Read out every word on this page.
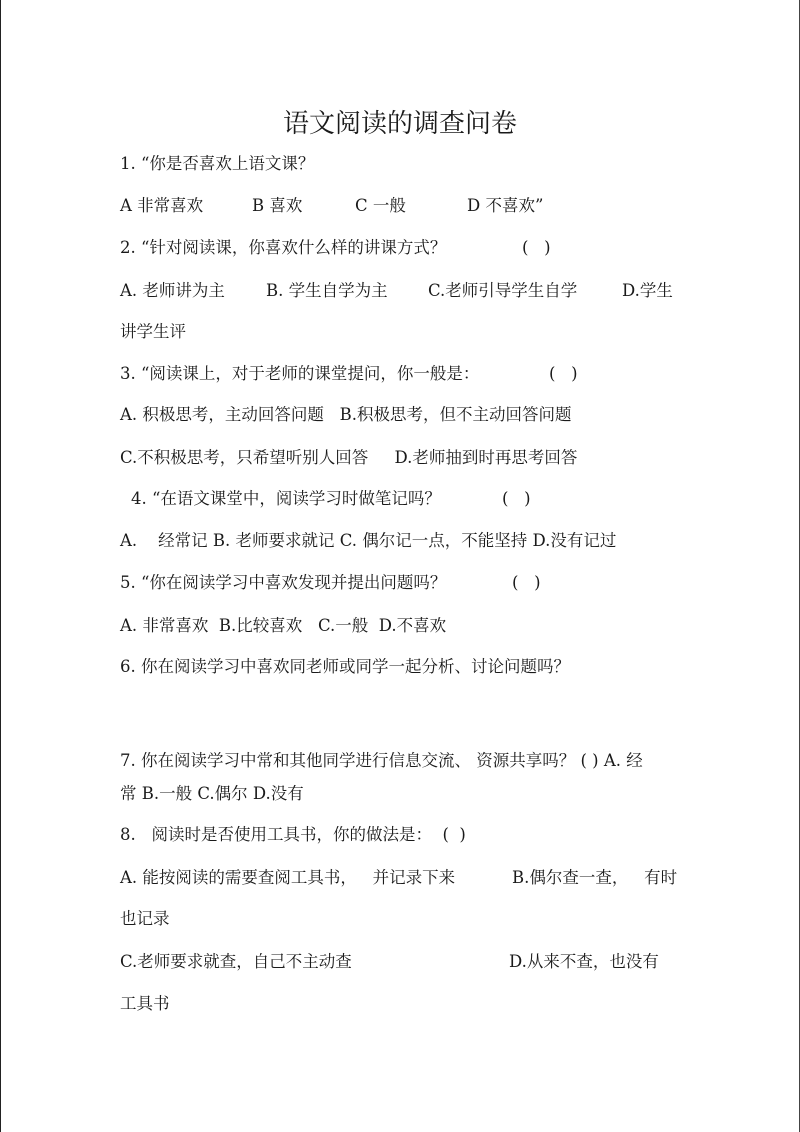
语文阅读的调查问卷
1. “你是否喜欢上语文课？
A 非常喜欢	B 喜欢	C 一般	D 不喜欢”
2. “针对阅读课，你喜欢什么样的讲课方式？	(   )
A. 老师讲为主 B. 学生自学为主 C.老师引导学生自学	D.学生
讲学生评
3. “阅读课上，对于老师的课堂提问，你一般是：	(   )
A. 积极思考，主动回答问题   B.积极思考，但不主动回答问题
C.不积极思考，只希望听别人回答     D.老师抽到时再思考回答
4. “在语文课堂中，阅读学习时做笔记吗？	(   )
A.    经常记 B. 老师要求就记 C. 偶尔记一点，不能坚持 D.没有记过
5. “你在阅读学习中喜欢发现并提出问题吗？	(   )
A. 非常喜欢  B.比较喜欢   C.一般  D.不喜欢
6. 你在阅读学习中喜欢同老师或同学一起分析、讨论问题吗？
7. 你在阅读学习中常和其他同学进行信息交流、 资源共享吗？ ( ) A. 经
常 B.一般 C.偶尔 D.没有
8.   阅读时是否使用工具书，你的做法是：  (  )
A. 能按阅读的需要查阅工具书，   并记录下来	B.偶尔查一查，   有时
也记录
C.老师要求就查，自己不主动查	D.从来不查，也没有
工具书
